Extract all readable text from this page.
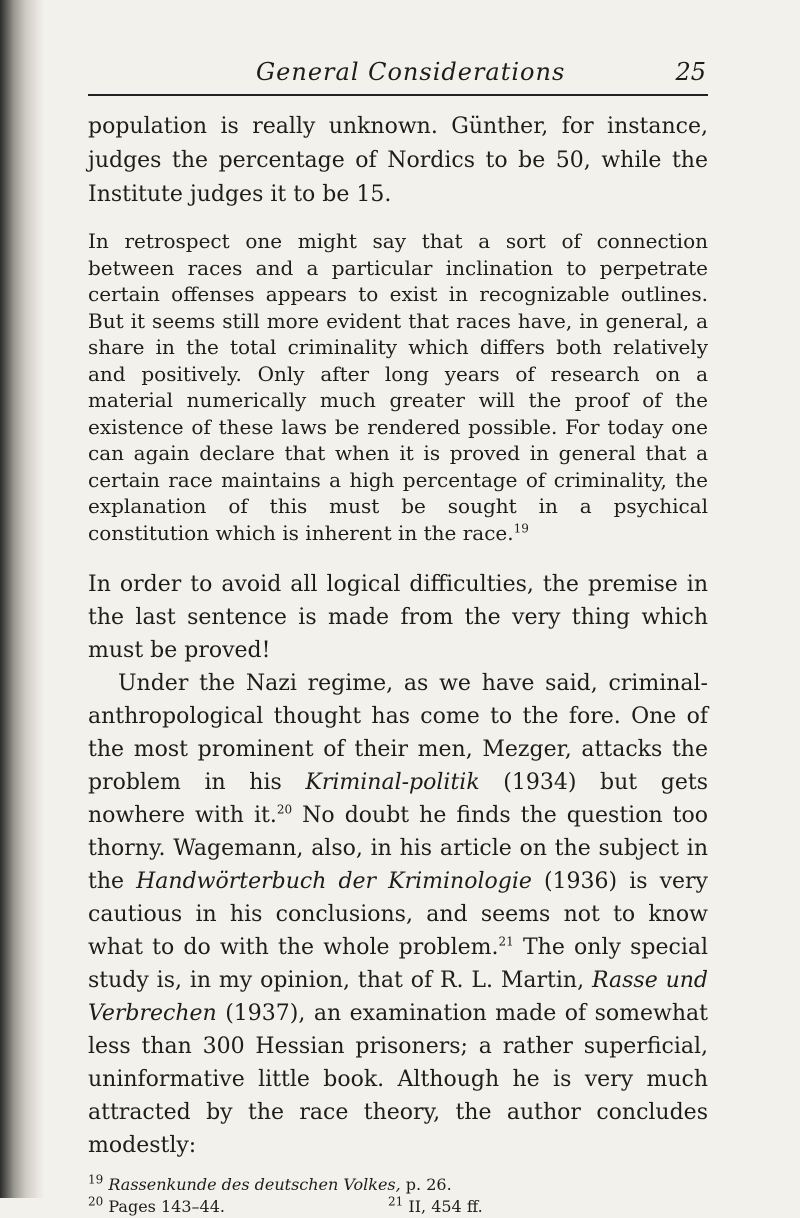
General Considerations	25

population is really unknown. Günther, for instance, judges the percentage of Nordics to be 50, while the Institute judges it to be 15.

In retrospect one might say that a sort of connection between races and a particular inclination to perpetrate certain offenses appears to exist in recognizable outlines. But it seems still more evident that races have, in general, a share in the total criminality which differs both relatively and positively. Only after long years of research on a material numerically much greater will the proof of the existence of these laws be rendered possible. For today one can again declare that when it is proved in general that a certain race maintains a high percentage of criminality, the explanation of this must be sought in a psychical constitution which is inherent in the race.$^{19}$

In order to avoid all logical difficulties, the premise in the last sentence is made from the very thing which must be proved!

Under the Nazi regime, as we have said, criminal-anthropological thought has come to the fore. One of the most prominent of their men, Mezger, attacks the problem in his Kriminal-politik (1934) but gets nowhere with it.$^{20}$ No doubt he finds the question too thorny. Wagemann, also, in his article on the subject in the Handwörterbuch der Kriminologie (1936) is very cautious in his conclusions, and seems not to know what to do with the whole problem.$^{21}$ The only special study is, in my opinion, that of R. L. Martin, Rasse und Verbrechen (1937), an examination made of somewhat less than 300 Hessian prisoners; a rather superficial, uninformative little book. Although he is very much attracted by the race theory, the author concludes modestly:

$^{19}$ Rassenkunde des deutschen Volkes, p. 26.
$^{20}$ Pages 143–44.	$^{21}$ II, 454 ff.
